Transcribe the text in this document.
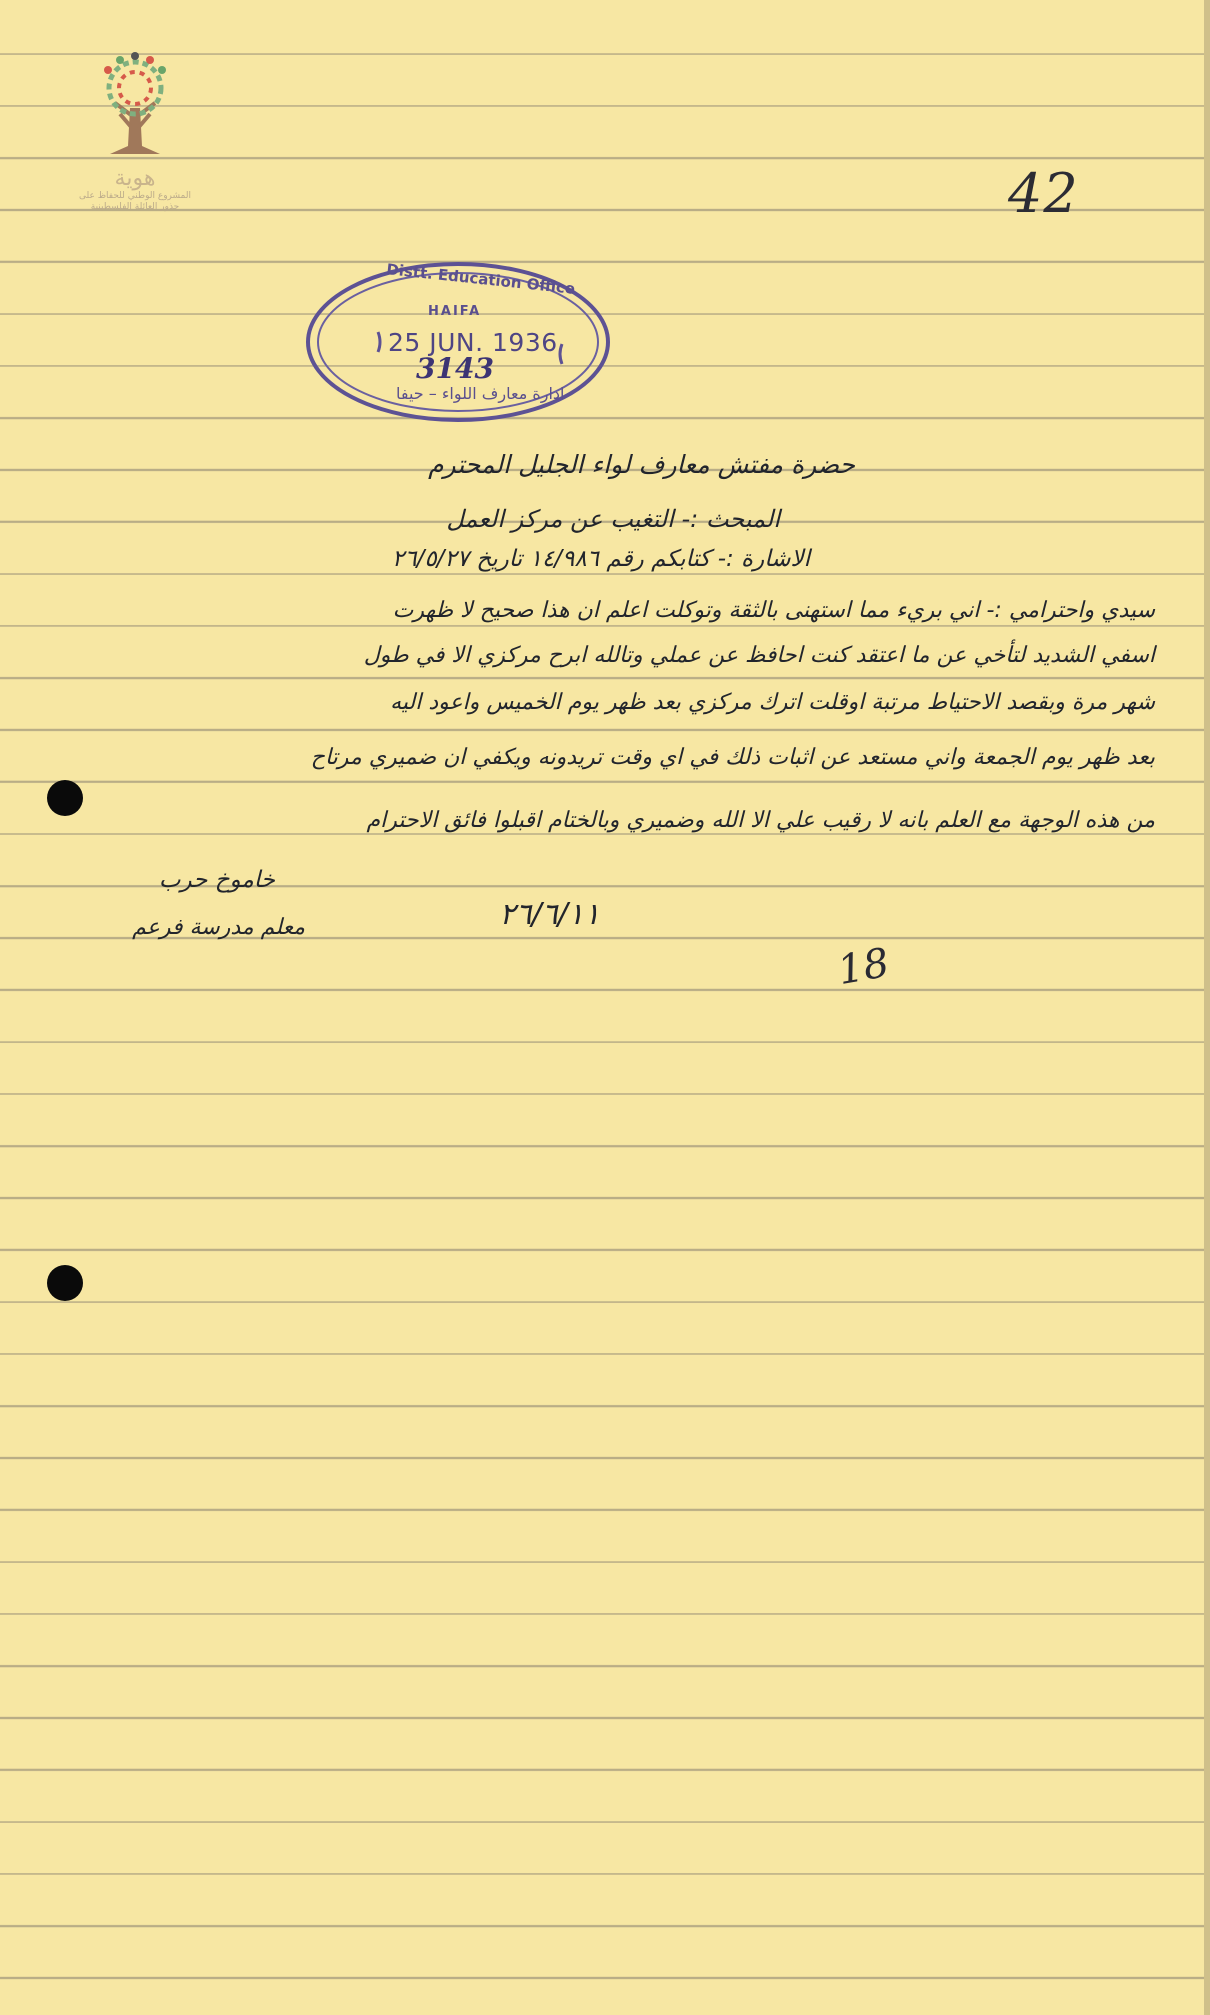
هوية
المشروع الوطني للحفاظ على
جذور العائلة الفلسطينية	42
Distt. Education Office
HAIFA
25 JUN. 1936
3143
ادارة معارف اللواء – حيفا
حضرة مفتش معارف لواء الجليل المحترم
المبحث :- التغيب عن مركز العمل
الاشارة :- كتابكم رقم ١٤/٩٨٦ تاريخ ٢٦/٥/٢٧
سيدي واحترامي :- اني بريء مما استهنى بالثقة وتوكلت اعلم ان هذا صحيح لا ظهرت
اسفي الشديد لتأخي عن ما اعتقد كنت احافظ عن عملي وتالله ابرح مركزي الا في طول
شهر مرة وبقصد الاحتياط مرتبة اوقلت اترك مركزي بعد ظهر يوم الخميس واعود اليه
بعد ظهر يوم الجمعة واني مستعد عن اثبات ذلك في اي وقت تريدونه ويكفي ان ضميري مرتاح
من هذه الوجهة مع العلم بانه لا رقيب علي الا الله وضميري وبالختام اقبلوا فائق الاحترام
خاموخ حرب
معلم مدرسة فرعم	٢٦/٦/١١
18
